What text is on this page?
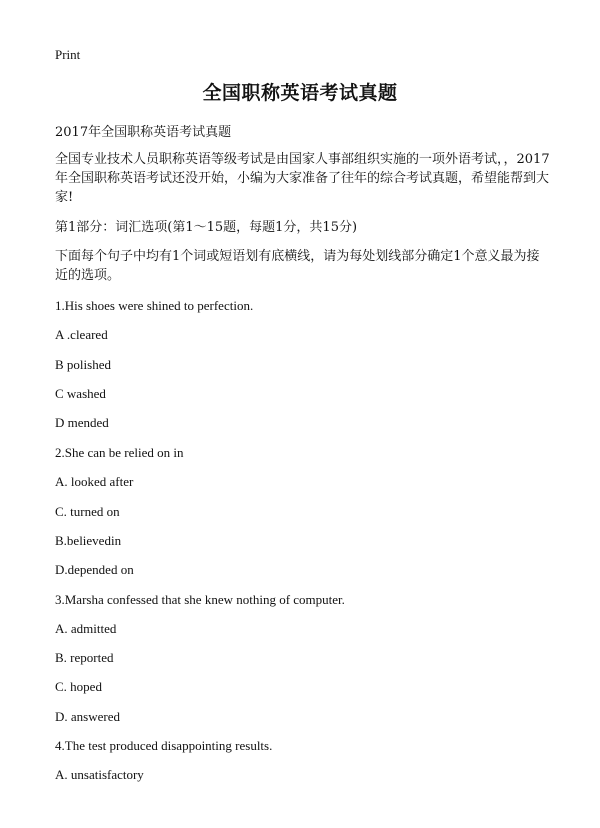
Print
全国职称英语考试真题
2017年全国职称英语考试真题
全国专业技术人员职称英语等级考试是由国家人事部组织实施的一项外语考试，，2017年全国职称英语考试还没开始，小编为大家准备了往年的综合考试真题，希望能帮到大家!
第1部分：词汇选项(第1～15题，每题1分，共15分)
下面每个句子中均有1个词或短语划有底横线，请为每处划线部分确定1个意义最为接近的选项。
1.His shoes were shined to perfection.
A .cleared
B polished
C washed
D mended
2.She can be relied on in
A. looked after
C. turned on
B.believedin
D.depended on
3.Marsha confessed that she knew nothing of computer.
A. admitted
B. reported
C. hoped
D. answered
4.The test produced disappointing results.
A. unsatisfactory
